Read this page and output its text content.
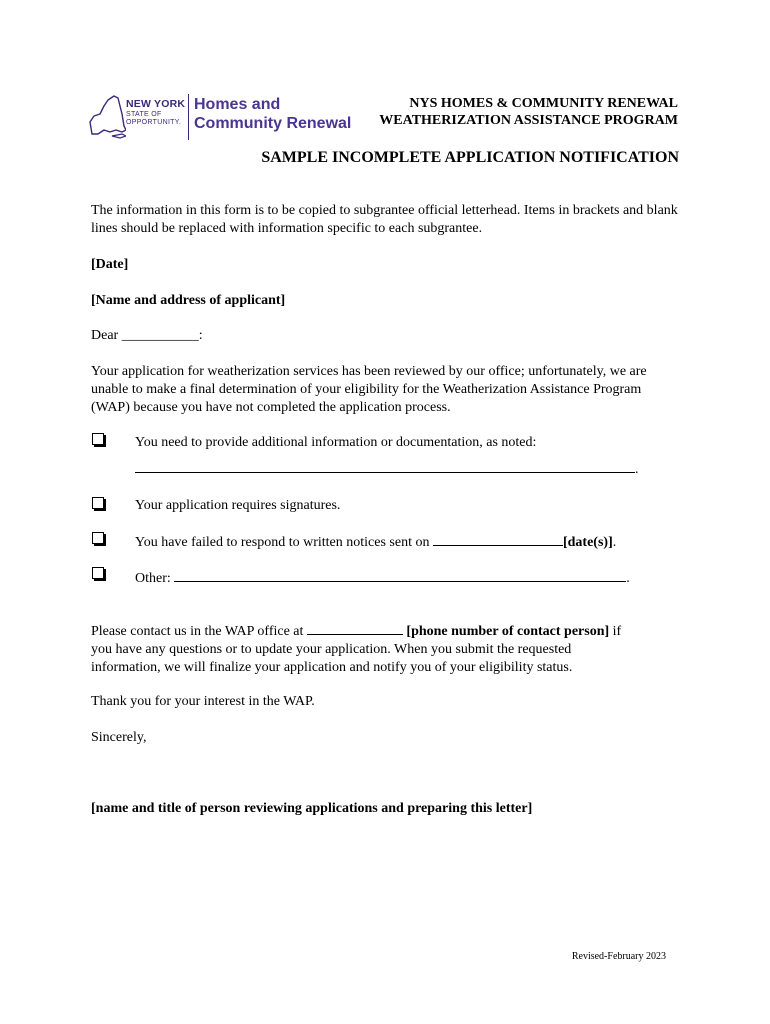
NEW YORK
STATE OF
OPPORTUNITY.
Homes and
Community Renewal
NYS HOMES & COMMUNITY RENEWAL
WEATHERIZATION ASSISTANCE PROGRAM
SAMPLE INCOMPLETE APPLICATION NOTIFICATION
The information in this form is to be copied to subgrantee official letterhead. Items in brackets and blank lines should be replaced with information specific to each subgrantee.
[Date]
[Name and address of applicant]
Dear ___________:
Your application for weatherization services has been reviewed by our office; unfortunately, we are unable to make a final determination of your eligibility for the Weatherization Assistance Program (WAP) because you have not completed the application process.
You need to provide additional information or documentation, as noted:
.
Your application requires signatures.
You have failed to respond to written notices sent on	[date(s)].
Other:	.
Please contact us in the WAP office at	[phone number of contact person] if
you have any questions or to update your application. When you submit the requested
information, we will finalize your application and notify you of your eligibility status.
Thank you for your interest in the WAP.
Sincerely,
[name and title of person reviewing applications and preparing this letter]
Revised-February 2023
